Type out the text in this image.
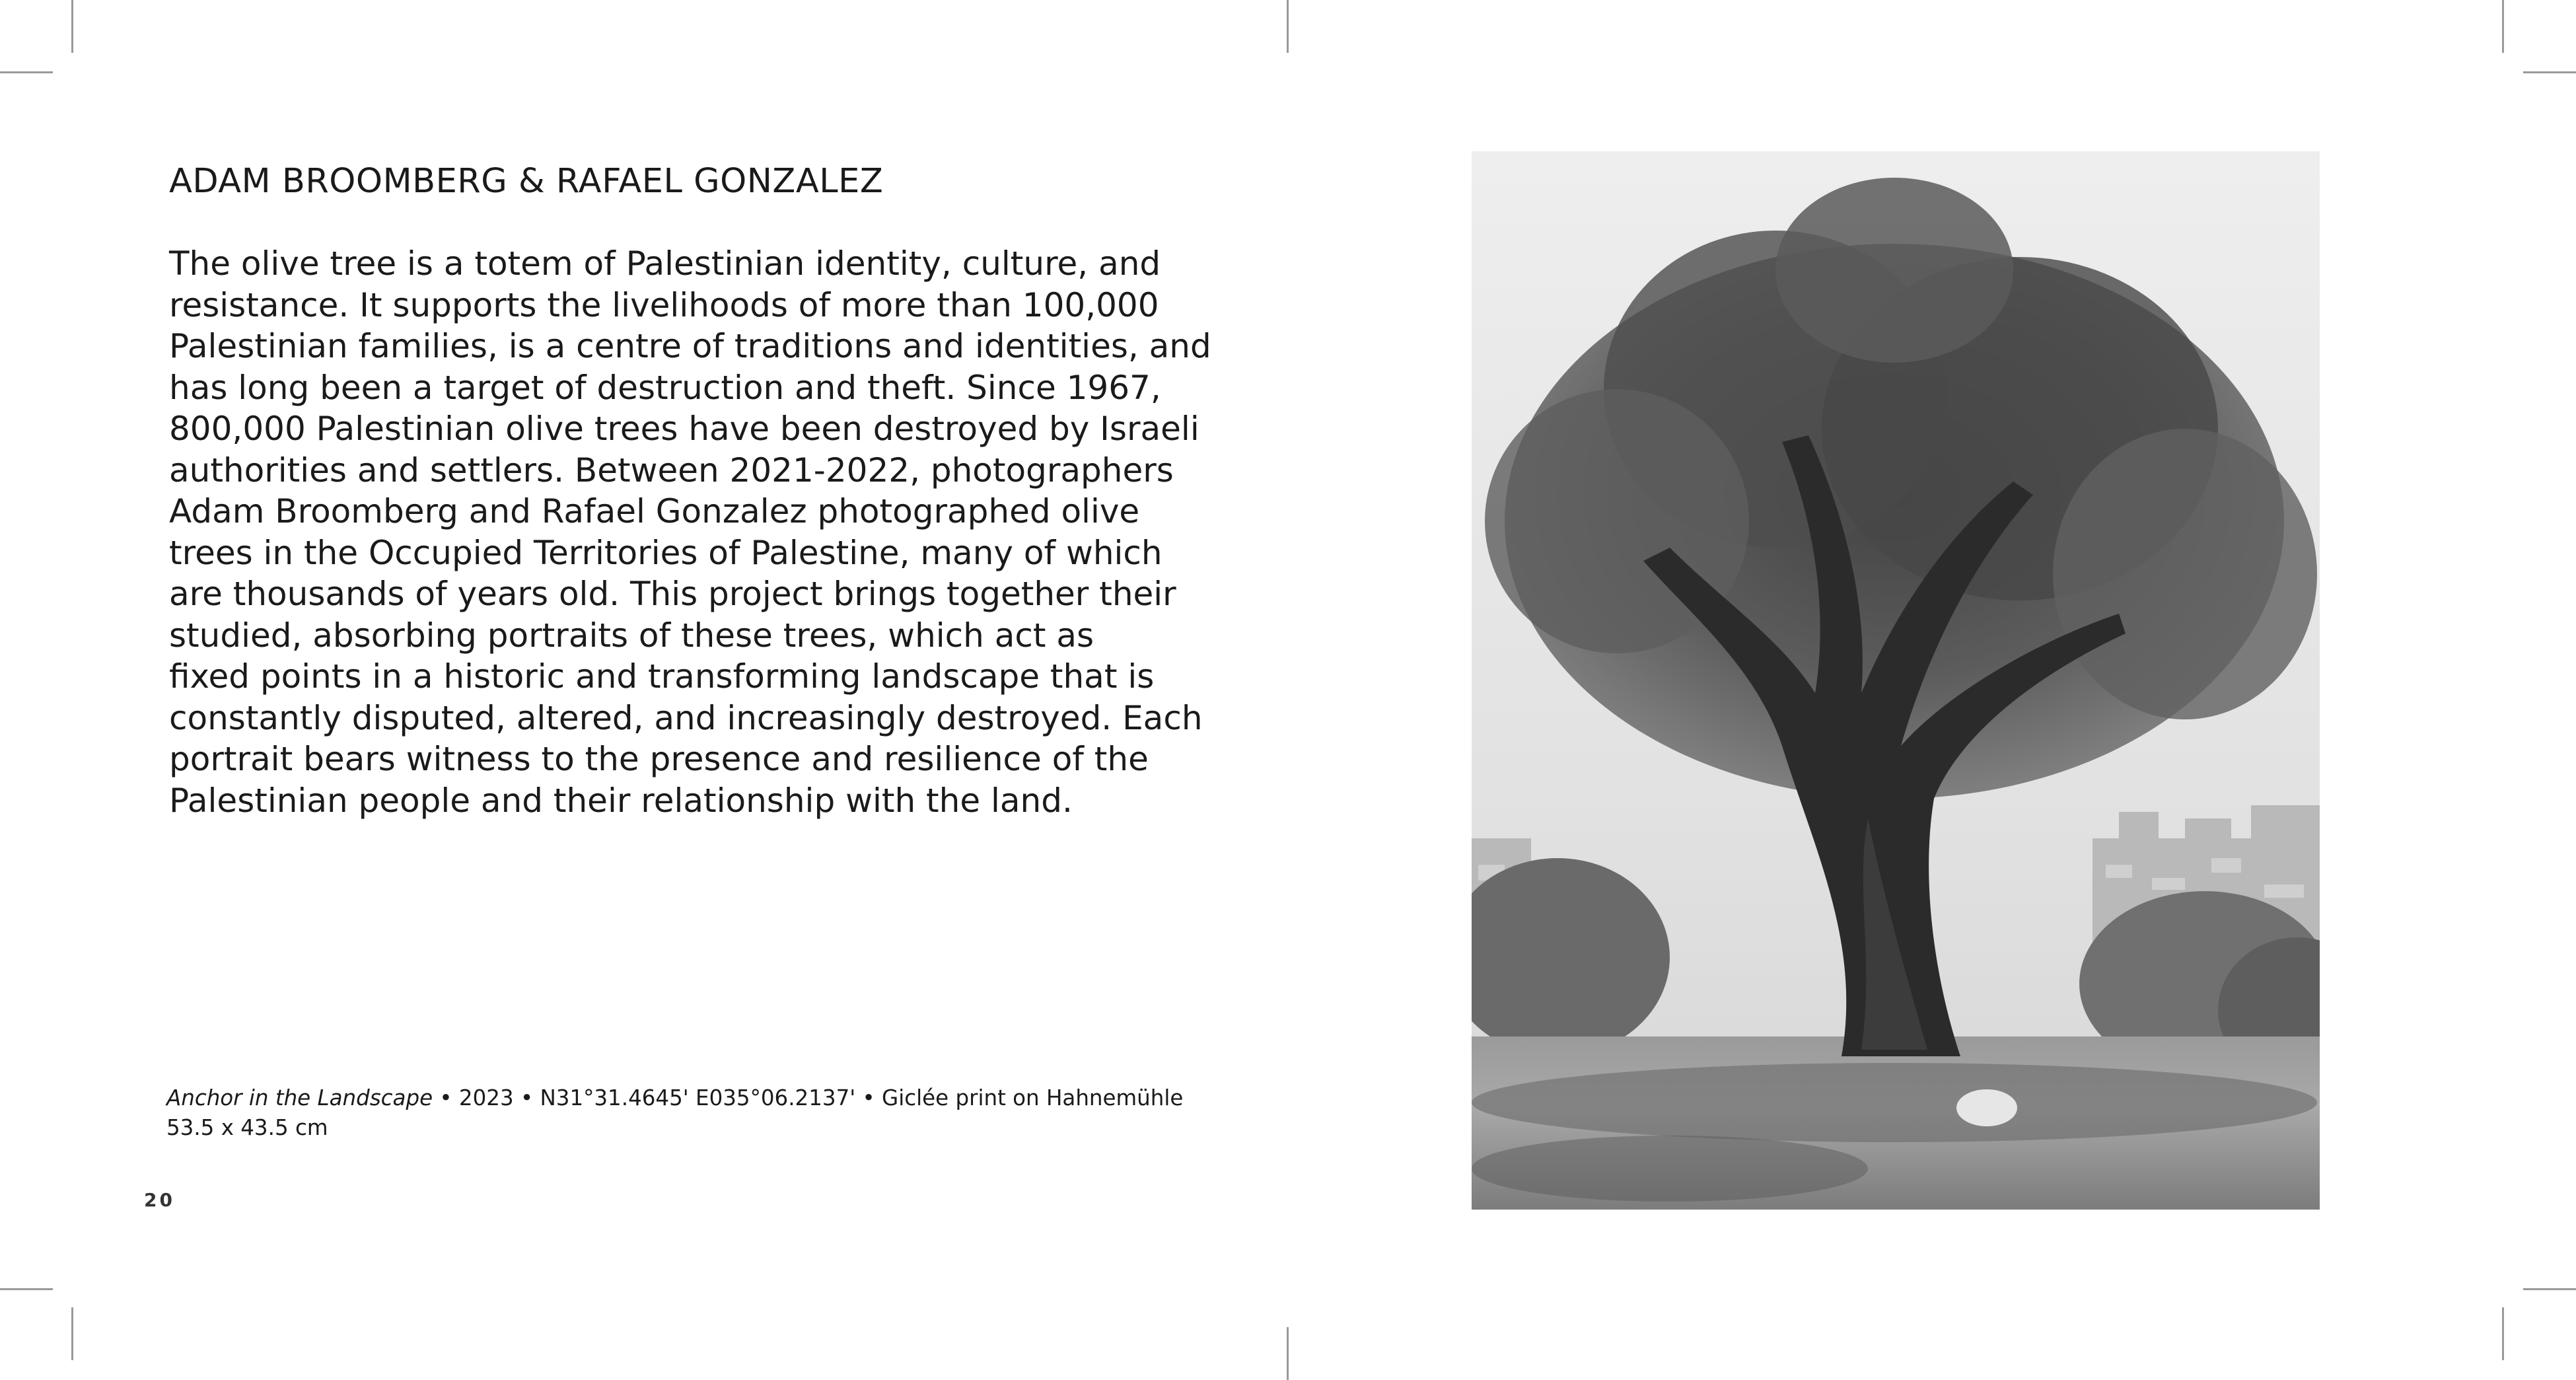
ADAM BROOMBERG & RAFAEL GONZALEZ

The olive tree is a totem of Palestinian identity, culture, and
resistance. It supports the livelihoods of more than 100,000
Palestinian families, is a centre of traditions and identities, and
has long been a target of destruction and theft. Since 1967,
800,000 Palestinian olive trees have been destroyed by Israeli
authorities and settlers. Between 2021-2022, photographers
Adam Broomberg and Rafael Gonzalez photographed olive
trees in the Occupied Territories of Palestine, many of which
are thousands of years old. This project brings together their
studied, absorbing portraits of these trees, which act as
fixed points in a historic and transforming landscape that is
constantly disputed, altered, and increasingly destroyed. Each
portrait bears witness to the presence and resilience of the
Palestinian people and their relationship with the land.

Anchor in the Landscape • 2023 • N31°31.4645' E035°06.2137' • Giclée print on Hahnemühle
53.5 x 43.5 cm
20
